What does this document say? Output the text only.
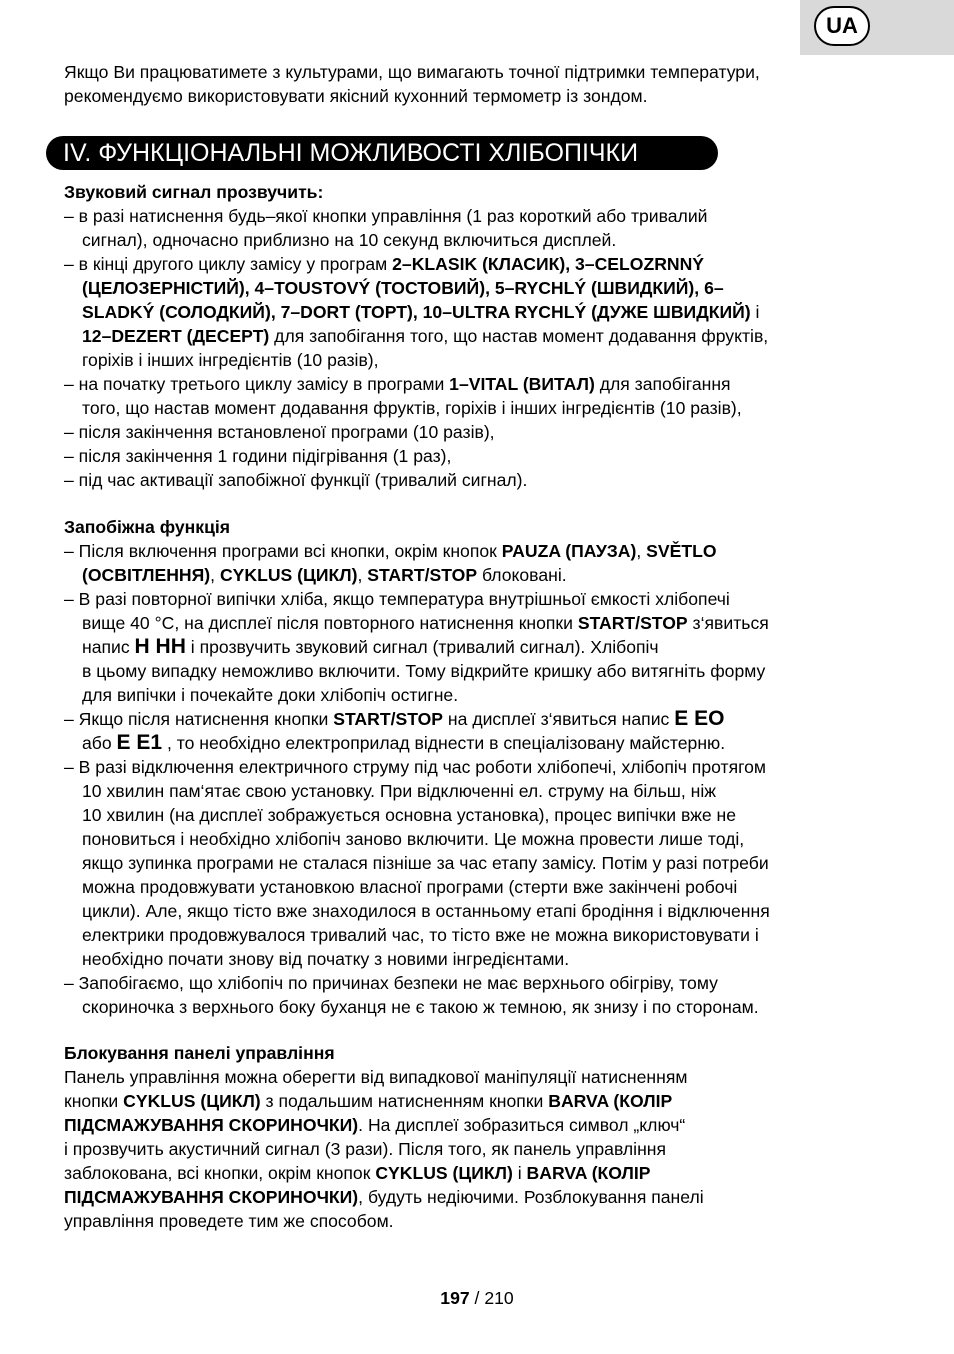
UA
Якщо Ви працюватимете з культурами, що вимагають точної підтримки температури,
рекомендуємо використовувати якісний кухонний термометр із зондом.
IV. ФУНКЦІОНАЛЬНІ МОЖЛИВОСТІ ХЛІБОПІЧКИ
Звуковий сигнал прозвучить:
– в разі натиснення будь–якої кнопки управління (1 раз короткий або тривалий
сигнал), одночасно приблизно на 10 секунд включиться дисплей.
– в кінці другого циклу замісу у програм 2–KLASIK (КЛАСИК), 3–CELOZRNNÝ
(ЦЕЛОЗЕРНІСТИЙ), 4–TOUSTOVÝ (ТОСТОВИЙ), 5–RYCHLÝ (ШВИДКИЙ), 6–
SLADKÝ (СОЛОДКИЙ), 7–DORT (ТОРТ), 10–ULTRA RYCHLÝ (ДУЖЕ ШВИДКИЙ) і
12–DEZERT (ДЕСЕРТ) для запобігання того, що настав момент додавання фруктів,
горіхів і інших інгредієнтів (10 разів),
– на початку третього циклу замісу в програми 1–VITAL (ВИТАЛ) для запобігання
того, що настав момент додавання фруктів, горіхів і інших інгредієнтів (10 разів),
– після закінчення встановленої програми (10 разів),
– після закінчення 1 години підігрівання (1 раз),
– під час активації запобіжної функції (тривалий сигнал).
Запобіжна функція
– Після включення програми всі кнопки, окрім кнопок PAUZA (ПАУЗА), SVĚTLO
(ОСВІТЛЕННЯ), CYKLUS (ЦИКЛ), START/STOP блоковані.
– В разі повторної випічки хліба, якщо температура внутрішньої ємкості хлібопечі
вище 40 °C, на дисплеї після повторного натиснення кнопки START/STOP з‘явиться
напис H HH і прозвучить звуковий сигнал (тривалий сигнал). Хлібопіч
в цьому випадку неможливо включити. Тому відкрийте кришку або витягніть форму
для випічки і почекайте доки хлібопіч остигне.
– Якщо після натиснення кнопки START/STOP на дисплеї з‘явиться напис E EO
або E E1 , то необхідно електроприлад віднести в спеціалізовану майстерню.
– В разі відключення електричного струму під час роботи хлібопечі, хлібопіч протягом
10 хвилин пам‘ятає свою установку. При відключенні ел. струму на більш, ніж
10 хвилин (на дисплеї зображується основна установка), процес випічки вже не
поновиться і необхідно хлібопіч заново включити. Це можна провести лише тоді,
якщо зупинка програми не сталася пізніше за час етапу замісу. Потім у разі потреби
можна продовжувати установкою власної програми (стерти вже закінчені робочі
цикли). Але, якщо тісто вже знаходилося в останньому етапі бродіння і відключення
електрики продовжувалося тривалий час, то тісто вже не можна використовувати і
необхідно почати знову від початку з новими інгредієнтами.
– Запобігаємо, що хлібопіч по причинах безпеки не має верхнього обігріву, тому
скориночка з верхнього боку буханця не є такою ж темною, як знизу і по сторонам.
Блокування панелі управління
Панель управління можна оберегти від випадкової маніпуляції натисненням
кнопки CYKLUS (ЦИКЛ) з подальшим натисненням кнопки BARVA (КОЛІР
ПІДСМАЖУВАННЯ СКОРИНОЧКИ). На дисплеї зобразиться символ „ключ“
і прозвучить акустичний сигнал (3 рази). Після того, як панель управління
заблокована, всі кнопки, окрім кнопок CYKLUS (ЦИКЛ) і BARVA (КОЛІР
ПІДСМАЖУВАННЯ СКОРИНОЧКИ), будуть недіючими. Розблокування панелі
управління проведете тим же способом.
197 / 210
